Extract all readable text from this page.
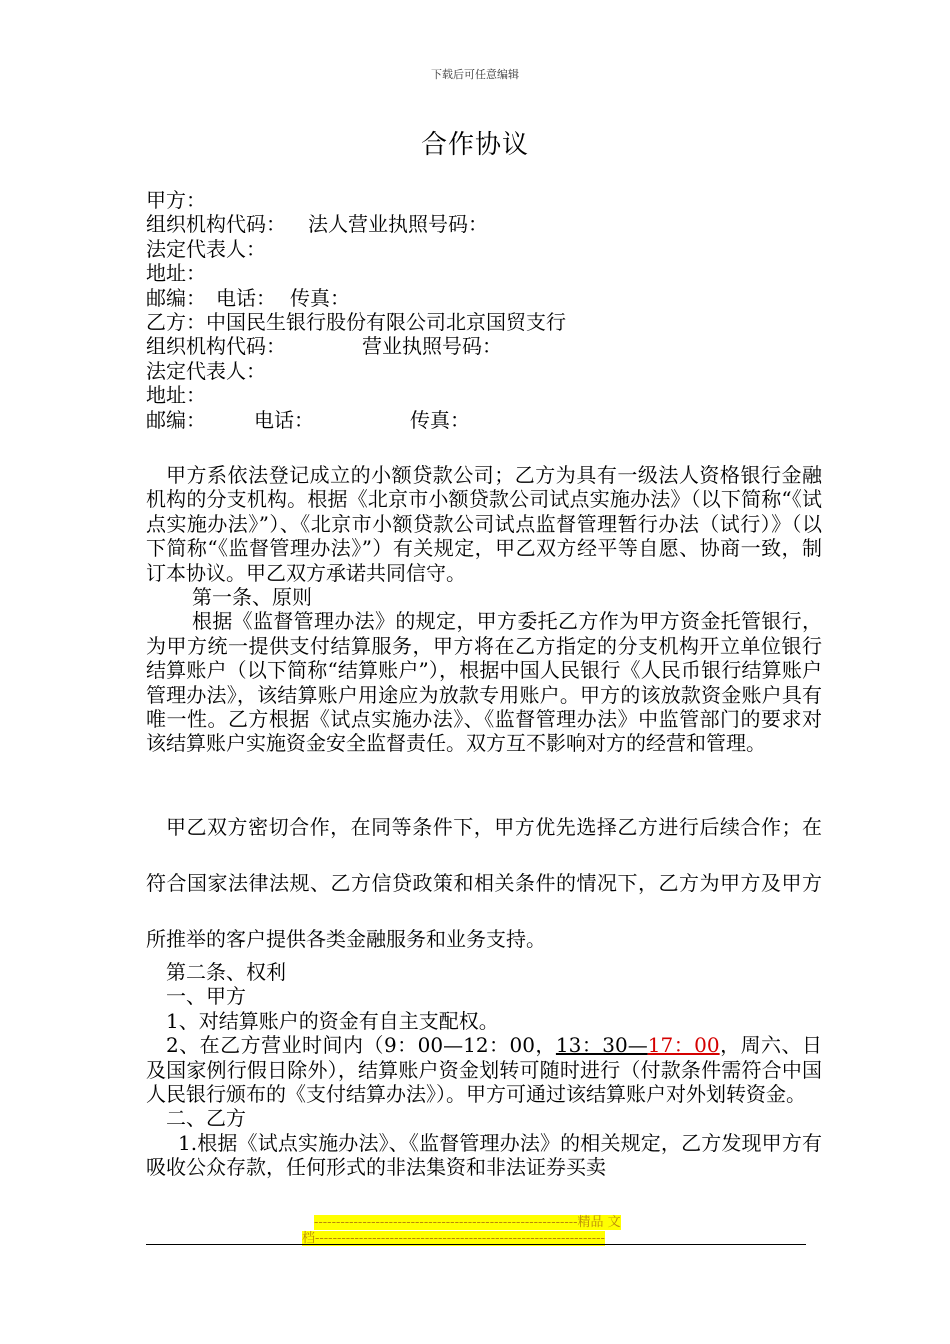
下载后可任意编辑
合作协议
甲方：
组织机构代码： 法人营业执照号码：
法定代表人：
地址：
邮编： 电话： 传真：
乙方：中国民生银行股份有限公司北京国贸支行
组织机构代码：	营业执照号码：
法定代表人：
地址：
邮编： 电话：	传真：
甲方系依法登记成立的小额贷款公司；乙方为具有一级法人资格银行金融机构的分支机构。根据《北京市小额贷款公司试点实施办法》（以下简称“《试点实施办法》”）、《北京市小额贷款公司试点监督管理暂行办法（试行）》（以下简称“《监督管理办法》”）有关规定，甲乙双方经平等自愿、协商一致，制订本协议。甲乙双方承诺共同信守。
第一条、原则
根据《监督管理办法》的规定，甲方委托乙方作为甲方资金托管银行，为甲方统一提供支付结算服务，甲方将在乙方指定的分支机构开立单位银行结算账户（以下简称“结算账户”），根据中国人民银行《人民币银行结算账户管理办法》，该结算账户用途应为放款专用账户。甲方的该放款资金账户具有唯一性。乙方根据《试点实施办法》、《监督管理办法》中监管部门的要求对该结算账户实施资金安全监督责任。双方互不影响对方的经营和管理。
甲乙双方密切合作，在同等条件下，甲方优先选择乙方进行后续合作；在符合国家法律法规、乙方信贷政策和相关条件的情况下，乙方为甲方及甲方所推举的客户提供各类金融服务和业务支持。
第二条、权利
一、甲方
1、对结算账户的资金有自主支配权。
2、在乙方营业时间内（9：00—12：00，13：30—17：00，周六、日及国家例行假日除外），结算账户资金划转可随时进行（付款条件需符合中国人民银行颁布的《支付结算办法》）。甲方可通过该结算账户对外划转资金。
二、乙方
1.根据《试点实施办法》、《监督管理办法》的相关规定，乙方发现甲方有吸收公众存款，任何形式的非法集资和非法证券买卖
------------------------------------------------------------精品 文
档------------------------------------------------------------------
